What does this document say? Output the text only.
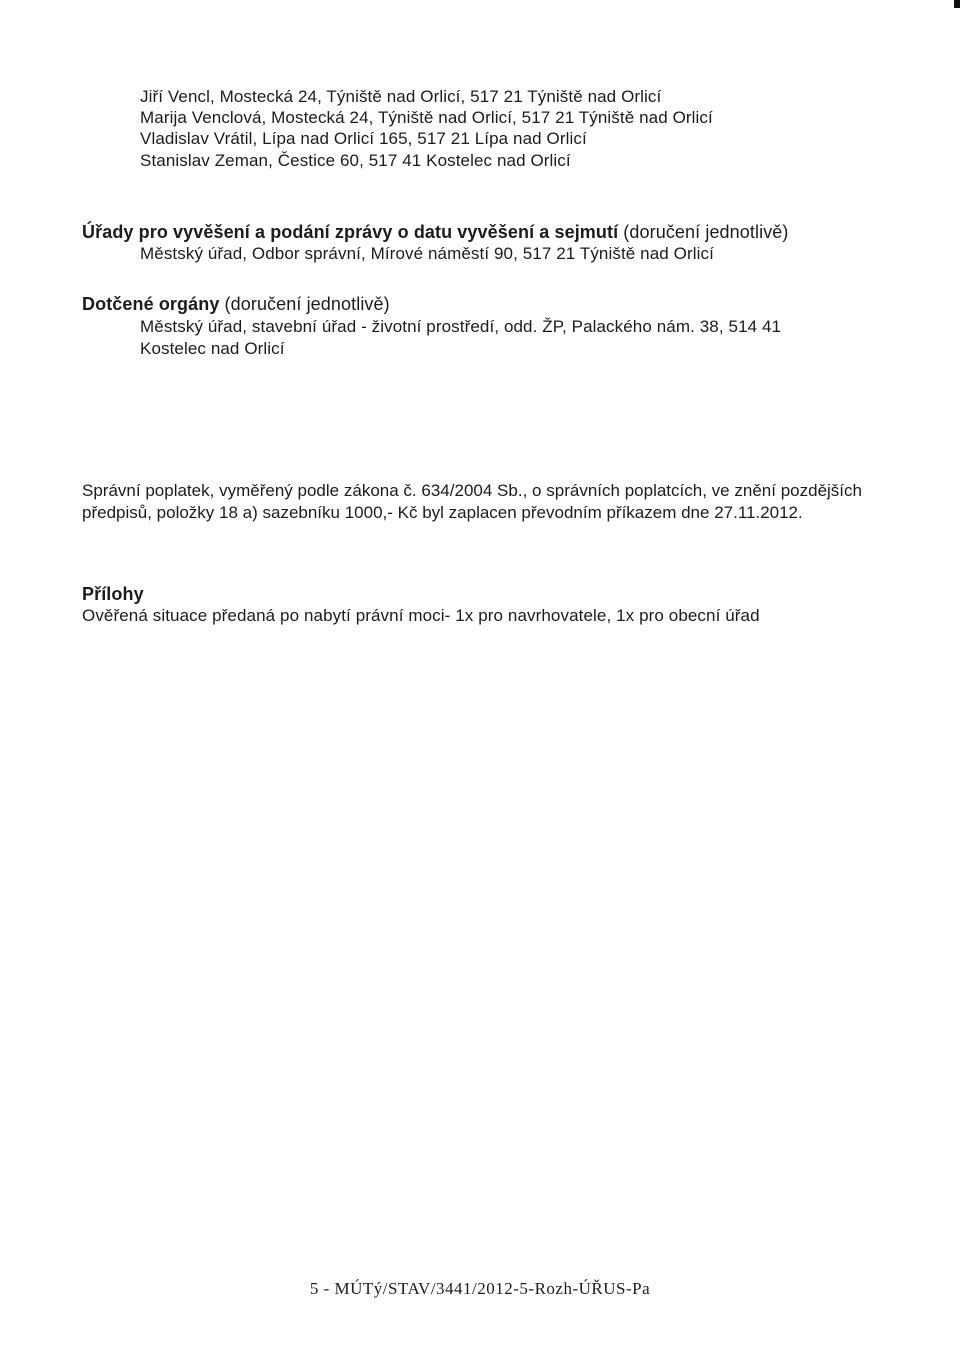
Jiří Vencl, Mostecká 24, Týniště nad Orlicí, 517 21 Týniště nad Orlicí
Marija Venclová, Mostecká 24, Týniště nad Orlicí, 517 21 Týniště nad Orlicí
Vladislav Vrátil, Lípa nad Orlicí 165, 517 21 Lípa nad Orlicí
Stanislav Zeman, Čestice 60, 517 41 Kostelec nad Orlicí
Úřady pro vyvěšení a podání zprávy o datu vyvěšení a sejmutí (doručení jednotlivě)
Městský úřad, Odbor správní, Mírové náměstí 90, 517 21 Týniště nad Orlicí
Dotčené orgány (doručení jednotlivě)
Městský úřad, stavební úřad - životní prostředí, odd. ŽP, Palackého nám. 38, 514 41
Kostelec nad Orlicí
Správní poplatek, vyměřený podle zákona č. 634/2004 Sb., o správních poplatcích, ve znění pozdějších předpisů, položky 18 a) sazebníku 1000,- Kč byl zaplacen převodním příkazem dne 27.11.2012.
Přílohy
Ověřená situace předaná po nabytí právní moci- 1x pro navrhovatele, 1x pro obecní úřad
5 - MÚTý/STAV/3441/2012-5-Rozh-ÚŘUS-Pa
